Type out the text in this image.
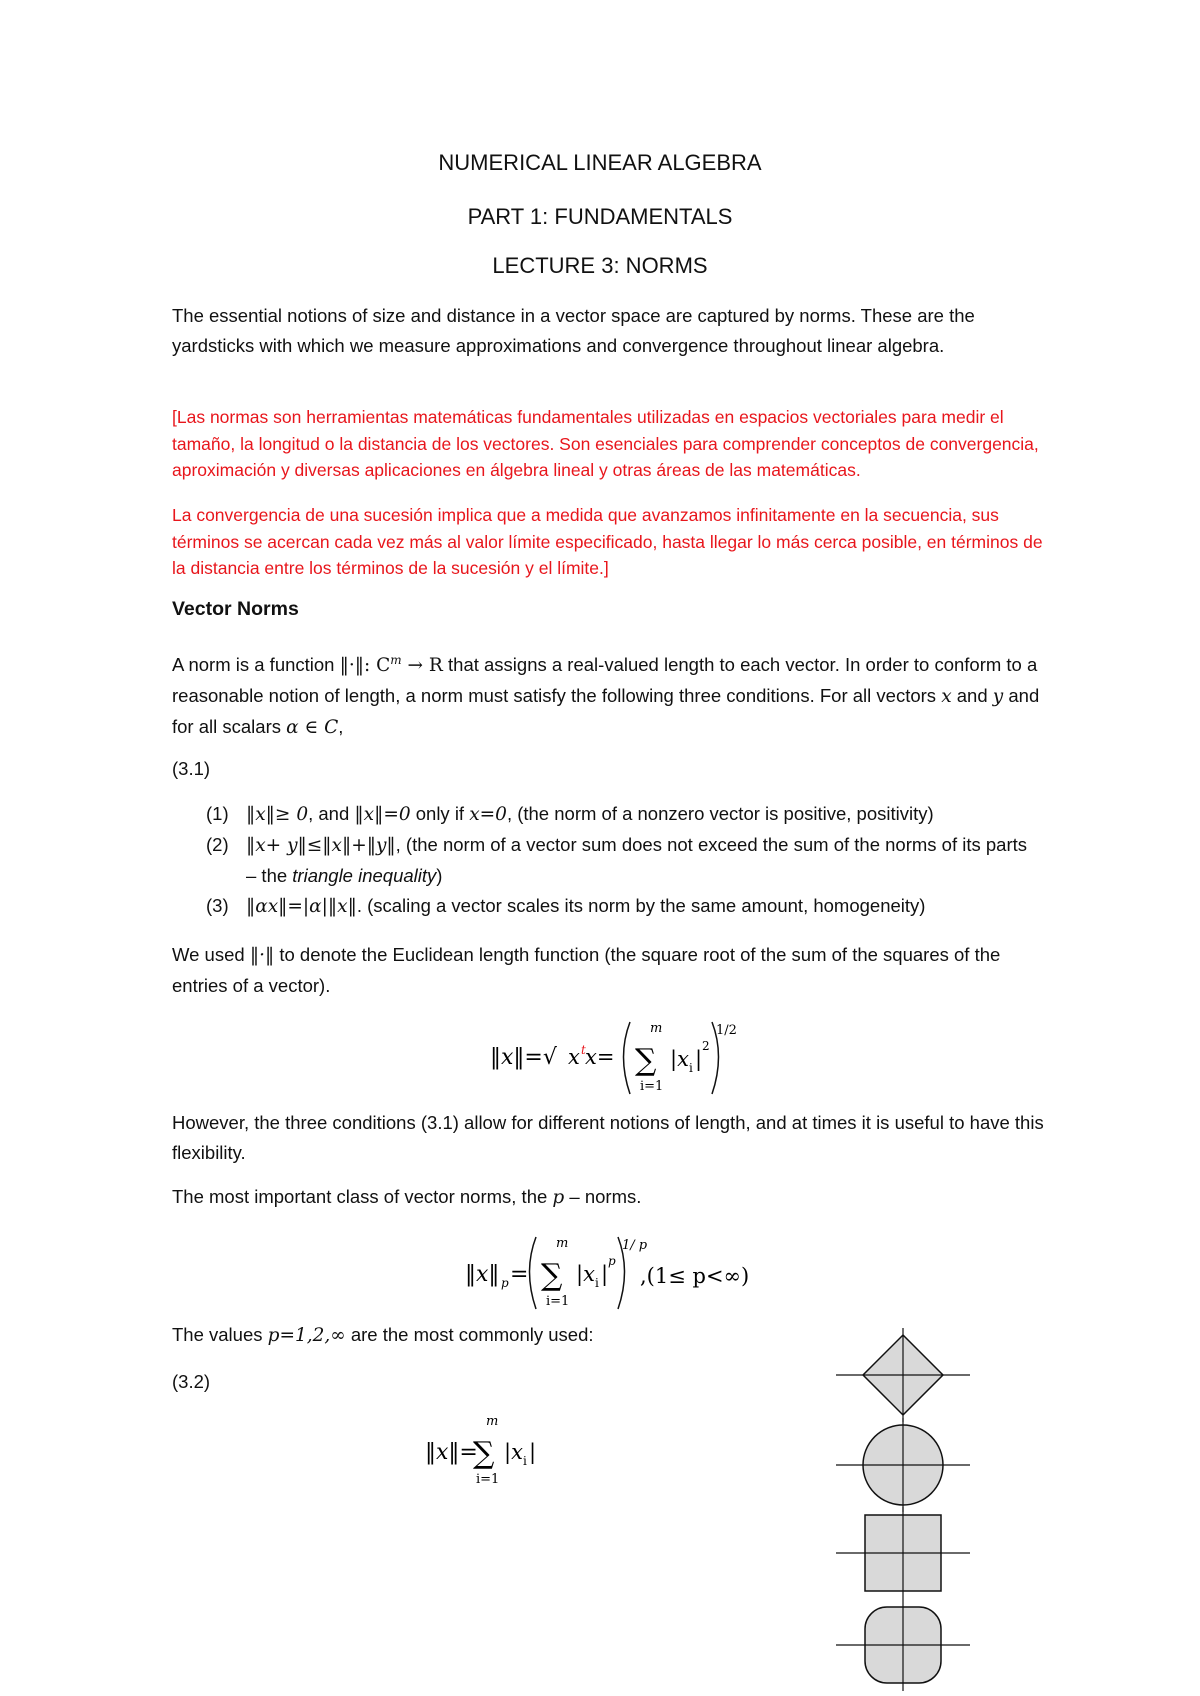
NUMERICAL LINEAR ALGEBRA
PART 1: FUNDAMENTALS
LECTURE 3: NORMS
The essential notions of size and distance in a vector space are captured by norms. These are the yardsticks with which we measure approximations and convergence throughout linear algebra.
[Las normas son herramientas matemáticas fundamentales utilizadas en espacios vectoriales para medir el tamaño, la longitud o la distancia de los vectores. Son esenciales para comprender conceptos de convergencia, aproximación y diversas aplicaciones en álgebra lineal y otras áreas de las matemáticas.
La convergencia de una sucesión implica que a medida que avanzamos infinitamente en la secuencia, sus términos se acercan cada vez más al valor límite especificado, hasta llegar lo más cerca posible, en términos de la distancia entre los términos de la sucesión y el límite.]
Vector Norms
A norm is a function ‖·‖: $C^m \to R$ that assigns a real-valued length to each vector. In order to conform to a reasonable notion of length, a norm must satisfy the following three conditions. For all vectors x and y and for all scalars α ∈ C,
(3.1)
(1) ‖x‖≥ 0, and ‖x‖=0 only if x=0, (the norm of a nonzero vector is positive, positivity)
(2) ‖x+ y‖≤‖x‖+‖y‖, (the norm of a vector sum does not exceed the sum of the norms of its parts – the triangle inequality)
(3) ‖αx‖=|α|‖x‖. (scaling a vector scales its norm by the same amount, homogeneity)
We used ‖·‖ to denote the Euclidean length function (the square root of the sum of the squares of the entries of a vector).
‖x‖=√ x t x=
m
∑
i=1
|x i |
2
1/2
However, the three conditions (3.1) allow for different notions of length, and at times it is useful to have this flexibility.
The most important class of vector norms, the p – norms.
‖x‖ p =
m
∑
i=1
|x i |
p
1/ p
,(1≤ p<∞)
The values p=1,2,∞ are the most commonly used:
(3.2)
‖x‖=
m
∑
i=1
|x i |
